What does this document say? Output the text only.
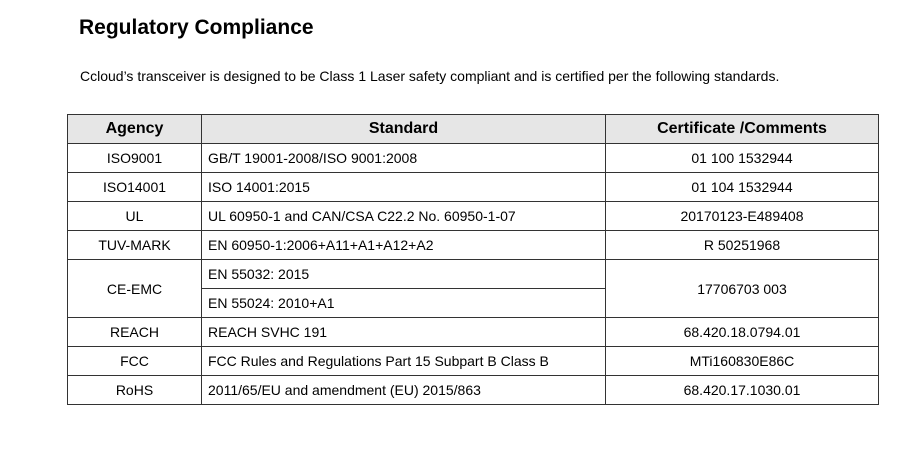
Regulatory Compliance
Ccloud’s transceiver is designed to be Class 1 Laser safety compliant and is certified per the following standards.
Agency	Standard	Certificate /Comments
ISO9001	GB/T 19001-2008/ISO 9001:2008	01 100 1532944
ISO14001	ISO 14001:2015	01 104 1532944
UL	UL 60950-1 and CAN/CSA C22.2 No. 60950-1-07	20170123-E489408
TUV-MARK	EN 60950-1:2006+A11+A1+A12+A2	R 50251968
CE-EMC	EN 55032: 2015	17706703 003
	EN 55024: 2010+A1	
REACH	REACH SVHC 191	68.420.18.0794.01
FCC	FCC Rules and Regulations Part 15 Subpart B Class B	MTi160830E86C
RoHS	2011/65/EU and amendment (EU) 2015/863	68.420.17.1030.01
